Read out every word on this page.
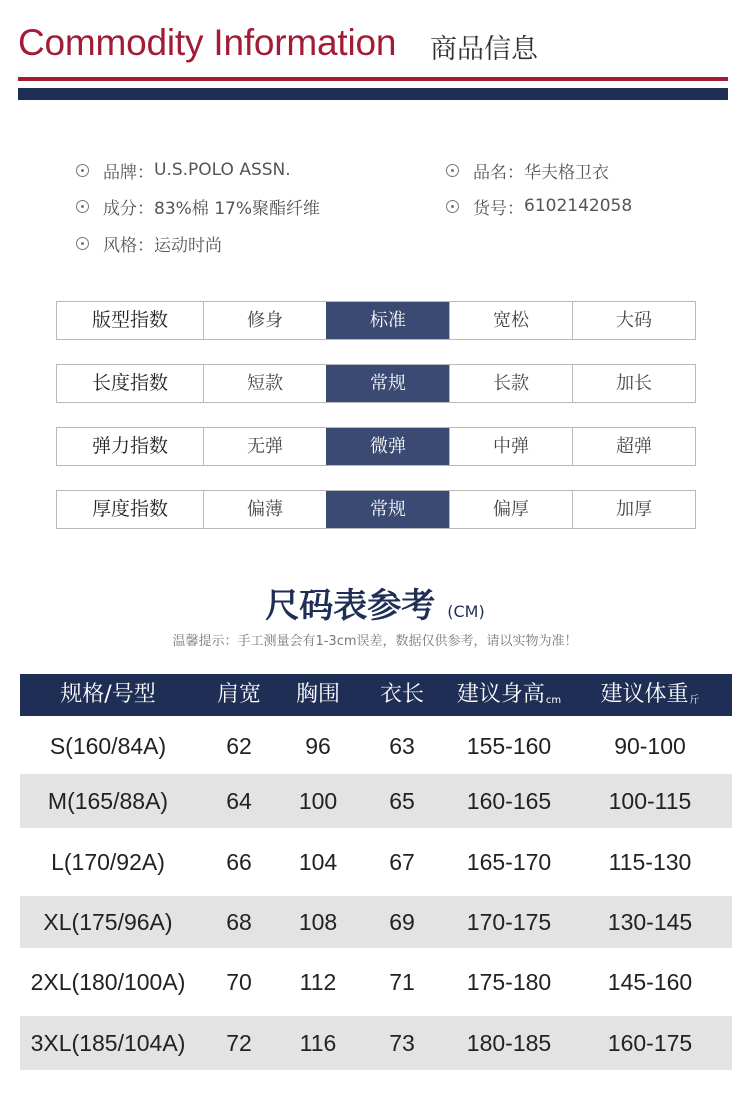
Commodity Information 商品信息
品牌： U.S.POLO ASSN.
成分： 83%棉 17%聚酯纤维
风格： 运动时尚
品名： 华夫格卫衣
货号： 6102142058
版型指数	修身	标准	宽松	大码
长度指数	短款	常规	长款	加长
弹力指数	无弹	微弹	中弹	超弹
厚度指数	偏薄	常规	偏厚	加厚
尺码表参考 (CM)
温馨提示：手工测量会有1-3cm误差，数据仅供参考，请以实物为准！
规格/号型	肩宽	胸围	衣长	建议身高$_{cm}$	建议体重$_斤$
S(160/84A)	62	96	63	155-160	90-100
M(165/88A)	64	100	65	160-165	100-115
L(170/92A)	66	104	67	165-170	115-130
XL(175/96A)	68	108	69	170-175	130-145
2XL(180/100A)	70	112	71	175-180	145-160
3XL(185/104A)	72	116	73	180-185	160-175
